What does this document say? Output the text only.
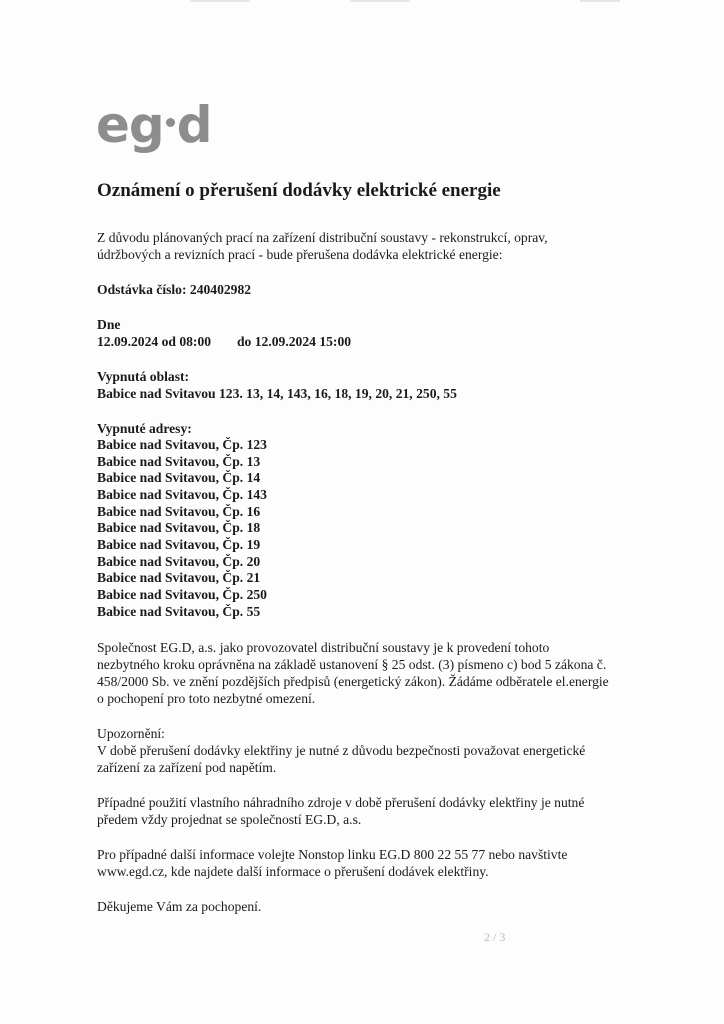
eg d
Oznámení o přerušení dodávky elektrické energie

Z důvodu plánovaných prací na zařízení distribuční soustavy - rekonstrukcí, oprav,

údržbových a revizních prací - bude přerušena dodávka elektrické energie:

Odstávka číslo: 240402982

Dne

12.09.2024 od 08:00 do 12.09.2024 15:00

Vypnutá oblast:

Babice nad Svitavou 123. 13, 14, 143, 16, 18, 19, 20, 21, 250, 55

Vypnuté adresy:

Babice nad Svitavou, Čp. 123
Babice nad Svitavou, Čp. 13
Babice nad Svitavou, Čp. 14
Babice nad Svitavou, Čp. 143
Babice nad Svitavou, Čp. 16
Babice nad Svitavou, Čp. 18
Babice nad Svitavou, Čp. 19
Babice nad Svitavou, Čp. 20
Babice nad Svitavou, Čp. 21
Babice nad Svitavou, Čp. 250
Babice nad Svitavou, Čp. 55

Společnost EG.D, a.s. jako provozovatel distribuční soustavy je k provedení tohoto

nezbytného kroku oprávněna na základě ustanovení § 25 odst. (3) písmeno c) bod 5 zákona č.

458/2000 Sb. ve znění pozdějších předpisů (energetický zákon). Žádáme odběratele el.energie

o pochopení pro toto nezbytné omezení.

Upozornění:

V době přerušení dodávky elektřiny je nutné z důvodu bezpečnosti považovat energetické

zařízení za zařízení pod napětím.

Případné použití vlastního náhradního zdroje v době přerušení dodávky elektřiny je nutné

předem vždy projednat se společností EG.D, a.s.

Pro případné další informace volejte Nonstop linku EG.D 800 22 55 77 nebo navštivte

www.egd.cz, kde najdete další informace o přerušení dodávek elektřiny.

Děkujeme Vám za pochopení.

2 / 3
